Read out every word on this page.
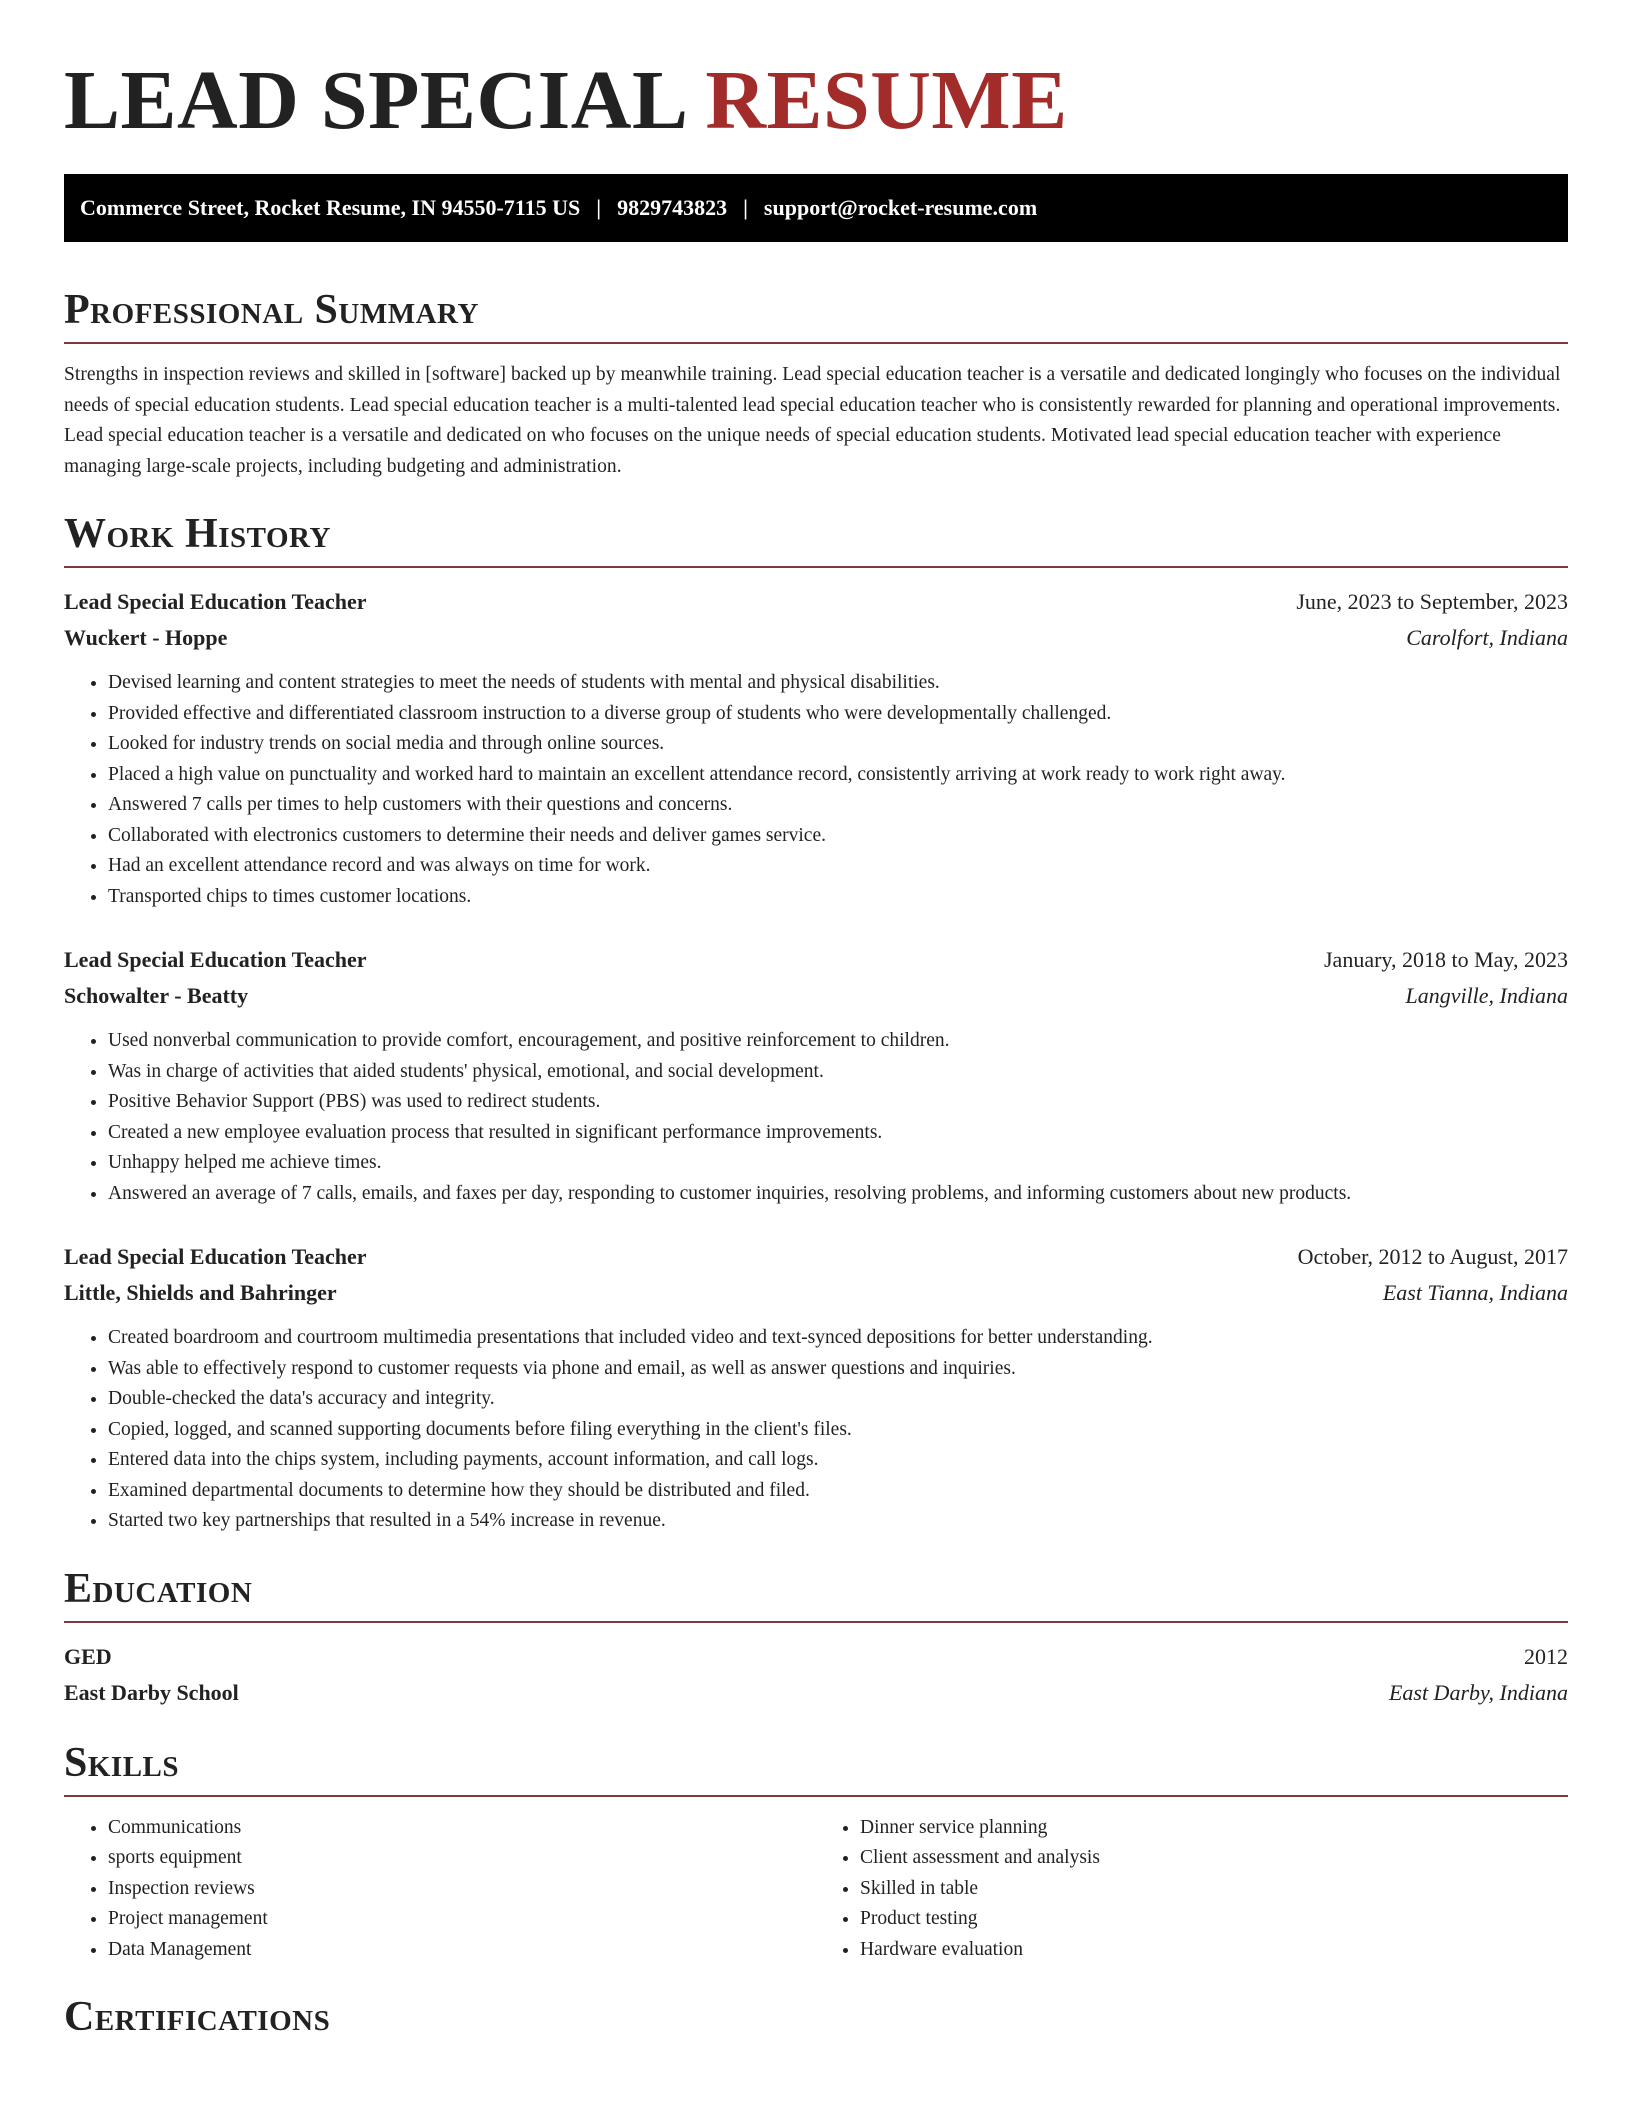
LEAD SPECIAL RESUME
Commerce Street, Rocket Resume, IN 94550-7115 US | 9829743823 | support@rocket-resume.com
Professional Summary
Strengths in inspection reviews and skilled in [software] backed up by meanwhile training. Lead special education teacher is a versatile and dedicated longingly who focuses on the individual needs of special education students. Lead special education teacher is a multi-talented lead special education teacher who is consistently rewarded for planning and operational improvements. Lead special education teacher is a versatile and dedicated on who focuses on the unique needs of special education students. Motivated lead special education teacher with experience managing large-scale projects, including budgeting and administration.
Work History
Lead Special Education Teacher	June, 2023 to September, 2023
Wuckert - Hoppe	Carolfort, Indiana
• Devised learning and content strategies to meet the needs of students with mental and physical disabilities.
• Provided effective and differentiated classroom instruction to a diverse group of students who were developmentally challenged.
• Looked for industry trends on social media and through online sources.
• Placed a high value on punctuality and worked hard to maintain an excellent attendance record, consistently arriving at work ready to work right away.
• Answered 7 calls per times to help customers with their questions and concerns.
• Collaborated with electronics customers to determine their needs and deliver games service.
• Had an excellent attendance record and was always on time for work.
• Transported chips to times customer locations.
Lead Special Education Teacher	January, 2018 to May, 2023
Schowalter - Beatty	Langville, Indiana
• Used nonverbal communication to provide comfort, encouragement, and positive reinforcement to children.
• Was in charge of activities that aided students' physical, emotional, and social development.
• Positive Behavior Support (PBS) was used to redirect students.
• Created a new employee evaluation process that resulted in significant performance improvements.
• Unhappy helped me achieve times.
• Answered an average of 7 calls, emails, and faxes per day, responding to customer inquiries, resolving problems, and informing customers about new products.
Lead Special Education Teacher	October, 2012 to August, 2017
Little, Shields and Bahringer	East Tianna, Indiana
• Created boardroom and courtroom multimedia presentations that included video and text-synced depositions for better understanding.
• Was able to effectively respond to customer requests via phone and email, as well as answer questions and inquiries.
• Double-checked the data's accuracy and integrity.
• Copied, logged, and scanned supporting documents before filing everything in the client's files.
• Entered data into the chips system, including payments, account information, and call logs.
• Examined departmental documents to determine how they should be distributed and filed.
• Started two key partnerships that resulted in a 54% increase in revenue.
Education
GED	2012
East Darby School	East Darby, Indiana
Skills
• Communications
• sports equipment
• Inspection reviews
• Project management
• Data Management
• Dinner service planning
• Client assessment and analysis
• Skilled in table
• Product testing
• Hardware evaluation
Certifications
